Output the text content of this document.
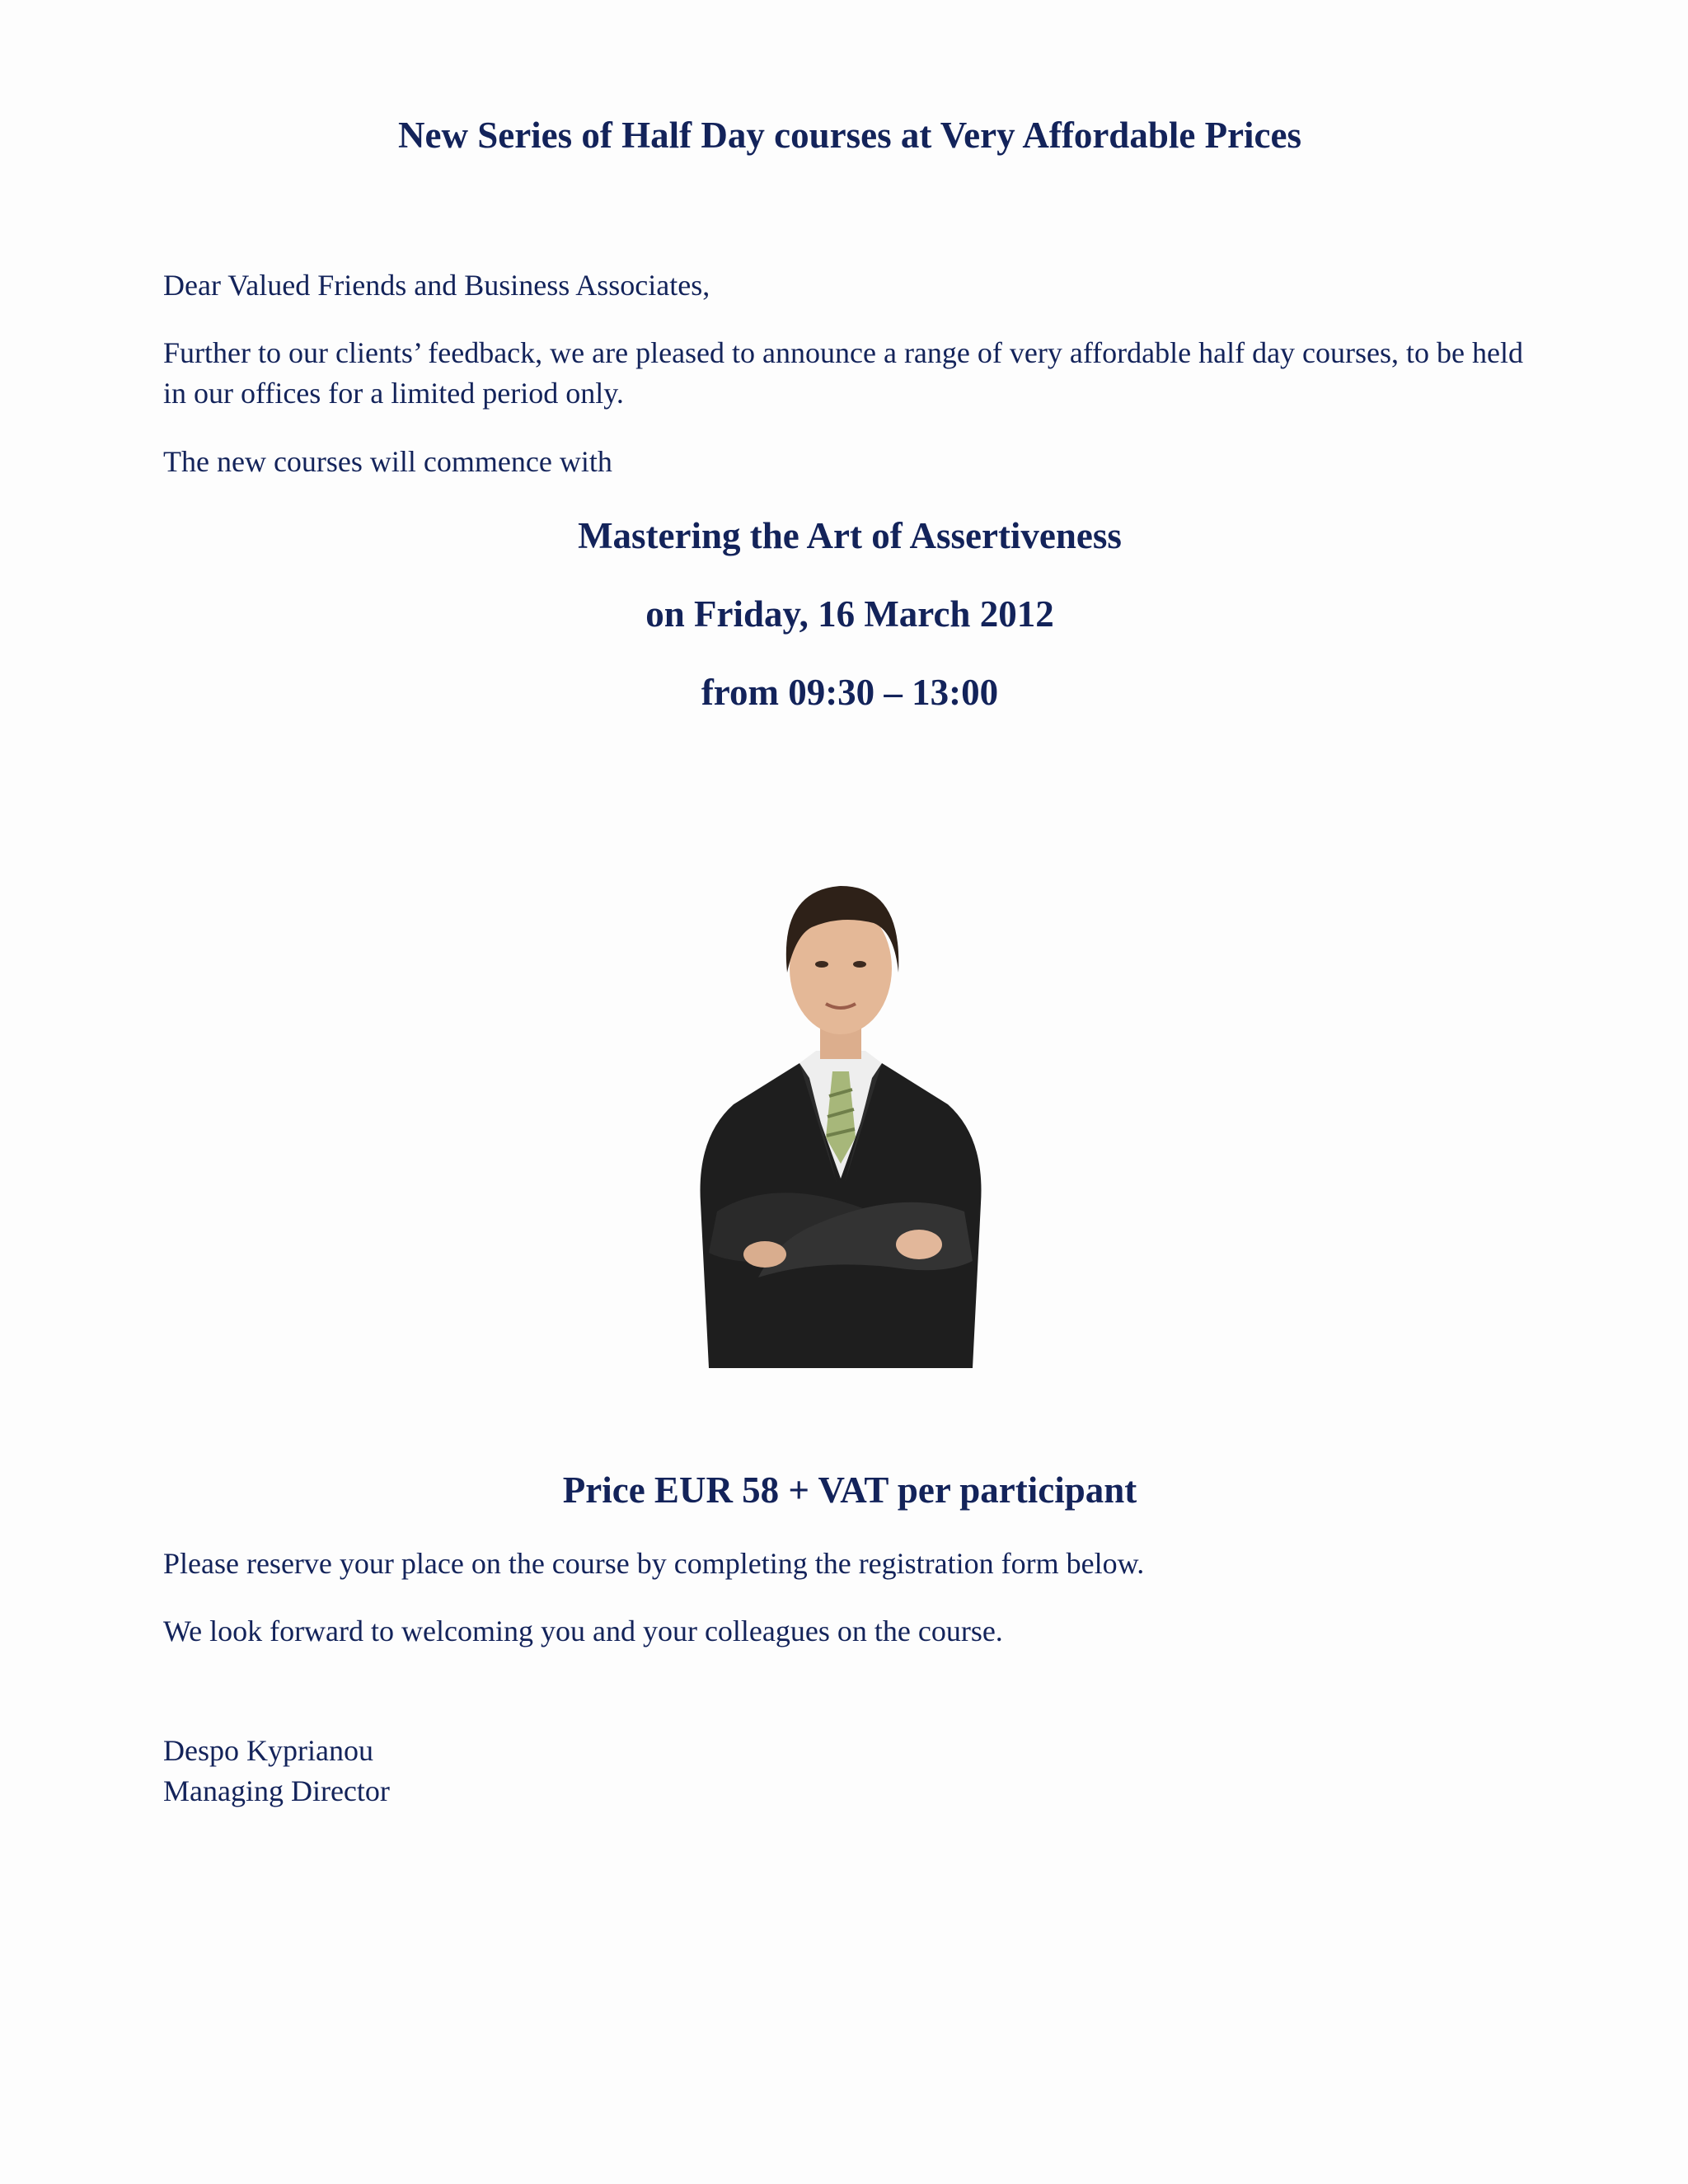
New Series of Half Day courses at Very Affordable Prices

Dear Valued Friends and Business Associates,

Further to our clients’ feedback, we are pleased to announce a range of very affordable half day courses, to be held in our offices for a limited period only.

The new courses will commence with

Mastering the Art of Assertiveness
on Friday, 16 March 2012
from 09:30 – 13:00
Price EUR 58 + VAT per participant

Please reserve your place on the course by completing the registration form below.

We look forward to welcoming you and your colleagues on the course.

Despo Kyprianou

Managing Director
